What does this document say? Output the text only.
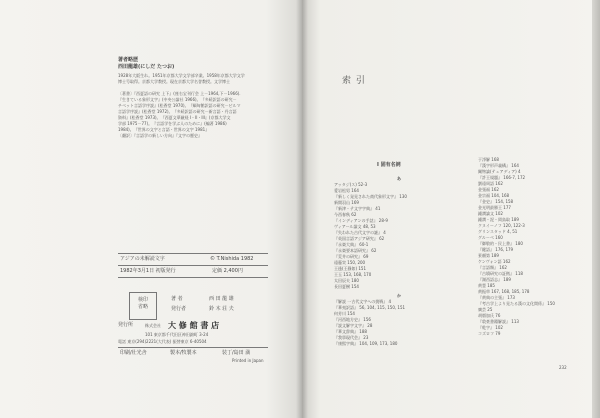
著者略歴
西田龍雄(にしだ たつお)
1928年大阪生れ。1951年京都大学文学部卒業。1958年京都大学文学
博士号取得。京都大学教授。現在京都大学名誉教授。文学博士
〔著書〕『西夏語の研究 上下』(座右宝刊行会 上－1964,下－1966).
『生きている象形文字』(中央公論社 1966)。『多続訳語の研究－
チベット言語学序説』(松香堂 1970)。『緬甸館訳語の研究－ビルマ
言語学序説』(松香堂 1972)。『多続訳語の研究－新言語・丹言語
資料』(松香堂 1973)。『西夏文華厳経 I・II・III』(京都大学文
学部 1975－77)。『言語学を学ぶ人のために』(編著 1986)
1984)。『世界の文字と言語・世界の文字 1981』
〔翻訳〕『言語学の新しい方向』『文字の歴史』
アジアの未解読文字	© T.Nishida 1982
1982年3月1日 初版発行	定価 2,400円
検印
省略
著 者	西 田 龍 雄
発行者	鈴 木 荘 夫
発行所	株式会社 大 修 館 書 店
101 東京都千代田区神田錦町 3-24
電話 東京(294)2221(大代表) 振替東京 6-40504
印刷/壮光舎	製本/牧製本	装丁/島田 満
Printed in Japan
索 引
I 固有名詞
あ
アッタジ(ス) 52-3
愛岩松男 164
『新しく発見された商代象形文字』 130
新開羽山 169
『新津・テ文字字典』 41
今西春秋 62
『インディアンの手話』 28-9
ヴィアール論文 48, 53
『失われた古代文字の謎』 4
『英国言語アジア研究』 62
『永楽大典』 60-1
『永楽要本語研究』 62
『荒井の研究』 69
遠藤実 150, 200
王逢(王静如) 151
王玉 153, 168, 170
太田辰夫 180
長田夏樹 154
か
『解説 一古代文字への挑戦』 4
『華夷訳語』 56, 104, 115, 150, 151
何芳川 154
『河西地方史』 156
『説文解字文字』 28
『華文辞典』 188
『我寧現代会』 23
『康煕字典』 104, 109, 173, 180
于淨解 168
『漢字形声義構』 164
關物論(テュアディア) 4
『許王規題』 166-7, 172
劉遠周語 162
金張福 162
金宗福 104, 168
『金史』 154, 158
金光明最勝王 177
鍾潤論文 102
鍾潤・泥・岡鳥取 189
クヌイーノフ 120, 122-3
グリンスタッド 4, 51
グルーベ 160
『御敬的・民上書』 180
『鍵語』 176, 179
景頼第 189
ケンヴォン語 162
『言語類』 162
『古墳研究の証拠』 118
『湖西語志』 189
黄霊 185
黄振草 167, 168, 185, 178
『黄典の主張』 173
『考古学上より見たる漢の文化関係』 150
廣芸 25
胡暦加氏 76
『敦豪書籍解説』 113
『乾字』 102
コズロフ 79
232
